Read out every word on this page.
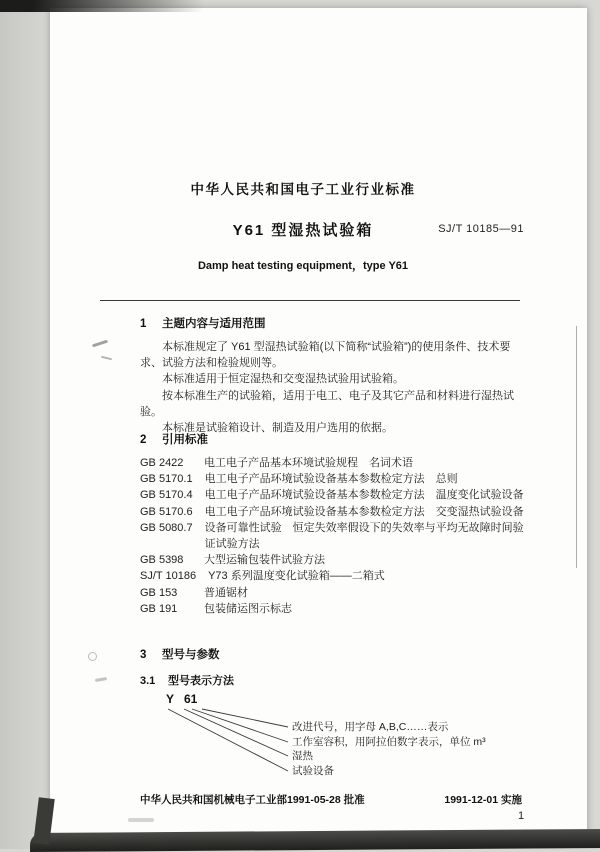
中华人民共和国电子工业行业标准
Y61 型湿热试验箱	SJ/T 10185—91
Damp heat testing equipment，type Y61
1 主题内容与适用范围

本标准规定了 Y61 型湿热试验箱(以下简称“试验箱”)的使用条件、技术要求、试验方法和检验规则等。

本标准适用于恒定湿热和交变湿热试验用试验箱。

按本标准生产的试验箱，适用于电工、电子及其它产品和材料进行湿热试验。

本标准是试验箱设计、制造及用户选用的依据。

2 引用标准
GB 2422	电工电子产品基本环境试验规程　名词术语
GB 5170.1 电工电子产品环境试验设备基本参数检定方法　总则
GB 5170.4 电工电子产品环境试验设备基本参数检定方法　温度变化试验设备
GB 5170.6 电工电子产品环境试验设备基本参数检定方法　交变湿热试验设备
GB 5080.7 设备可靠性试验　恒定失效率假设下的失效率与平均无故障时间验证试验方法
GB 5398	大型运输包装件试验方法
SJ/T 10186 Y73 系列温度变化试验箱——二箱式
GB 153	普通锯材
GB 191	包装储运图示标志
3 型号与参数
3.1 型号表示方法
Y 61
改进代号，用字母 A,B,C……表示
工作室容积，用阿拉伯数字表示，单位 m³
湿热
试验设备
中华人民共和国机械电子工业部1991-05-28 批准	1991-12-01 实施
1
